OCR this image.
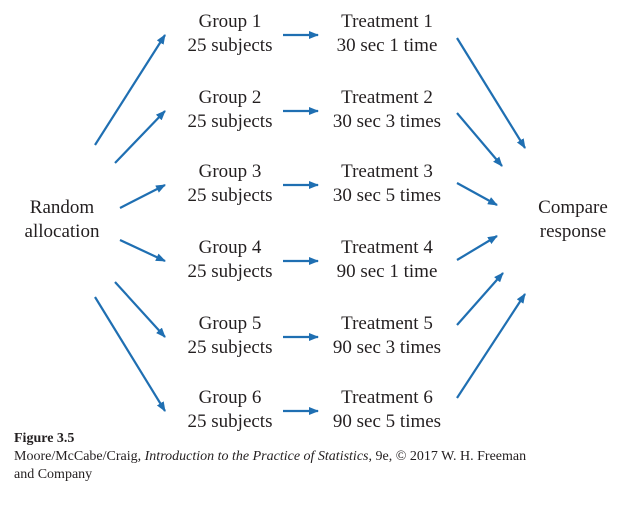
Random
allocation
Compare
response
Group 1
25 subjects
Group 2
25 subjects
Group 3
25 subjects
Group 4
25 subjects
Group 5
25 subjects
Group 6
25 subjects
Treatment 1
30 sec 1 time
Treatment 2
30 sec 3 times
Treatment 3
30 sec 5 times
Treatment 4
90 sec 1 time
Treatment 5
90 sec 3 times
Treatment 6
90 sec 5 times
Figure 3.5
Moore/McCabe/Craig, Introduction to the Practice of Statistics, 9e, © 2017 W. H. Freeman
and Company
